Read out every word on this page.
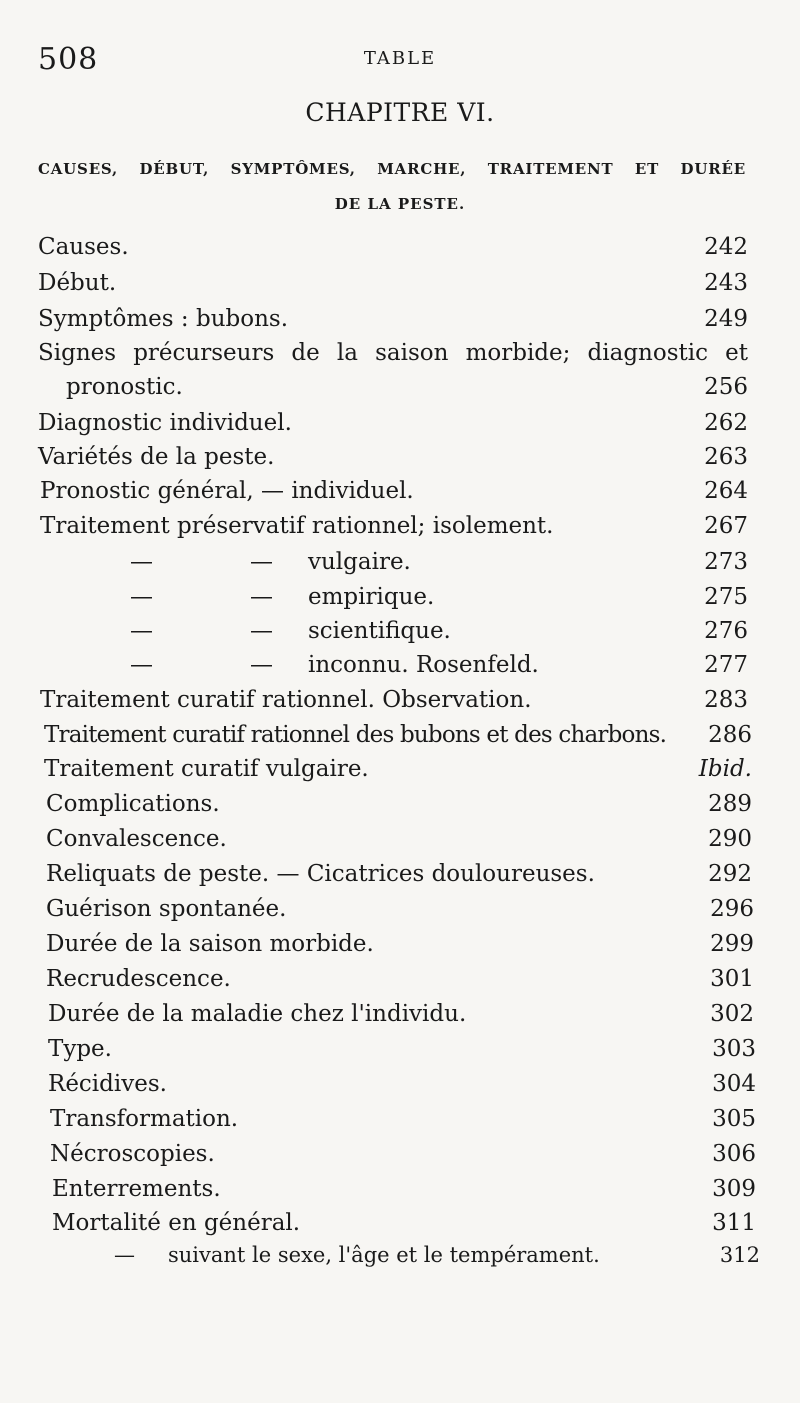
508	TABLE
CHAPITRE VI.
CAUSES, DÉBUT, SYMPTÔMES, MARCHE, TRAITEMENT ET DURÉE
DE LA PESTE.
Causes.	242
Début.	243
Symptômes : bubons.	249
Signes précurseurs de la saison morbide; diagnostic et
pronostic.	256
Diagnostic individuel.	262
Variétés de la peste.	263
Pronostic général, — individuel.	264
Traitement préservatif rationnel; isolement.	267
—	— vulgaire.	273
—	— empirique.	275
—	— scientifique.	276
—	— inconnu. Rosenfeld.	277
Traitement curatif rationnel. Observation.	283
Traitement curatif rationnel des bubons et des charbons. 286
Traitement curatif vulgaire.	Ibid.
Complications.	289
Convalescence.	290
Reliquats de peste. — Cicatrices douloureuses.	292
Guérison spontanée.	296
Durée de la saison morbide.	299
Recrudescence.	301
Durée de la maladie chez l'individu.	302
Type.	303
Récidives.	304
Transformation.	305
Nécroscopies.	306
Enterrements.	309
Mortalité en général.	311
— suivant le sexe, l'âge et le tempérament.	312
